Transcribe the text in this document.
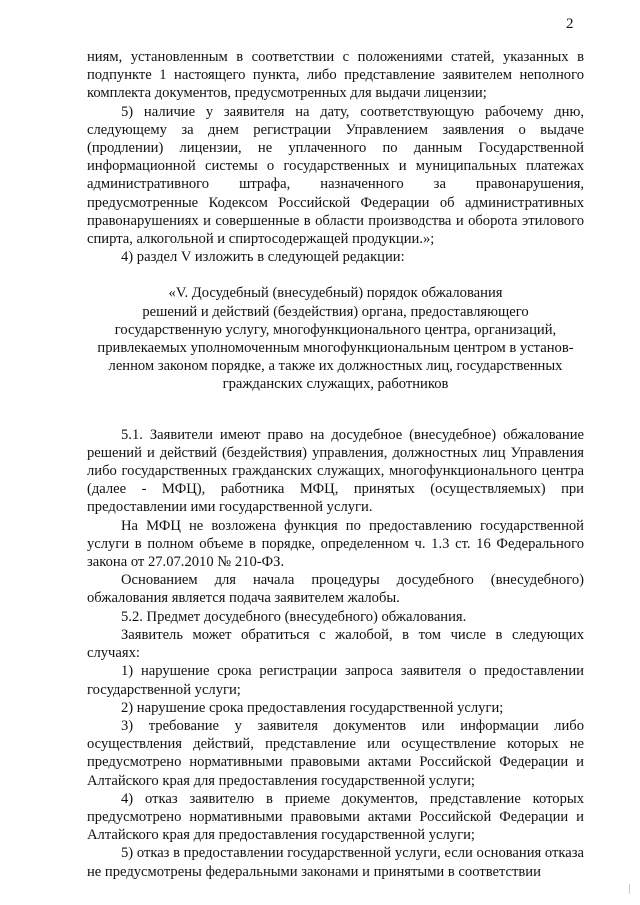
2

ниям, установленным в соответствии с положениями статей, указанных в подпункте 1 настоящего пункта, либо представление заявителем неполного комплекта документов, предусмотренных для выдачи лицензии;

5) наличие у заявителя на дату, соответствующую рабочему дню, следующему за днем регистрации Управлением заявления о выдаче (продлении) лицензии, не уплаченного по данным Государственной информационной системы о государственных и муниципальных платежах административного штрафа, назначенного за правонарушения, предусмотренные Кодексом Российской Федерации об административных правонарушениях и совершенные в области производства и оборота этилового спирта, алкогольной и спиртосодержащей продукции.»;

4) раздел V изложить в следующей редакции:

«V. Досудебный (внесудебный) порядок обжалования
решений и действий (бездействия) органа, предоставляющего
государственную услугу, многофункционального центра, организаций,
привлекаемых уполномоченным многофункциональным центром в установ-
ленном законом порядке, а также их должностных лиц, государственных
гражданских служащих, работников

5.1. Заявители имеют право на досудебное (внесудебное) обжалование решений и действий (бездействия) управления, должностных лиц Управления либо государственных гражданских служащих, многофункционального центра (далее - МФЦ), работника МФЦ, принятых (осуществляемых) при предоставлении ими государственной услуги.

На МФЦ не возложена функция по предоставлению государственной услуги в полном объеме в порядке, определенном ч. 1.3 ст. 16 Федерального закона от 27.07.2010 № 210-ФЗ.

Основанием для начала процедуры досудебного (внесудебного) обжалования является подача заявителем жалобы.

5.2. Предмет досудебного (внесудебного) обжалования.

Заявитель может обратиться с жалобой, в том числе в следующих случаях:

1) нарушение срока регистрации запроса заявителя о предоставлении государственной услуги;

2) нарушение срока предоставления государственной услуги;

3) требование у заявителя документов или информации либо осуществления действий, представление или осуществление которых не предусмотрено нормативными правовыми актами Российской Федерации и Алтайского края для предоставления государственной услуги;

4) отказ заявителю в приеме документов, представление которых предусмотрено нормативными правовыми актами Российской Федерации и Алтайского края для предоставления государственной услуги;

5) отказ в предоставлении государственной услуги, если основания отказа не предусмотрены федеральными законами и принятыми в соответствии
